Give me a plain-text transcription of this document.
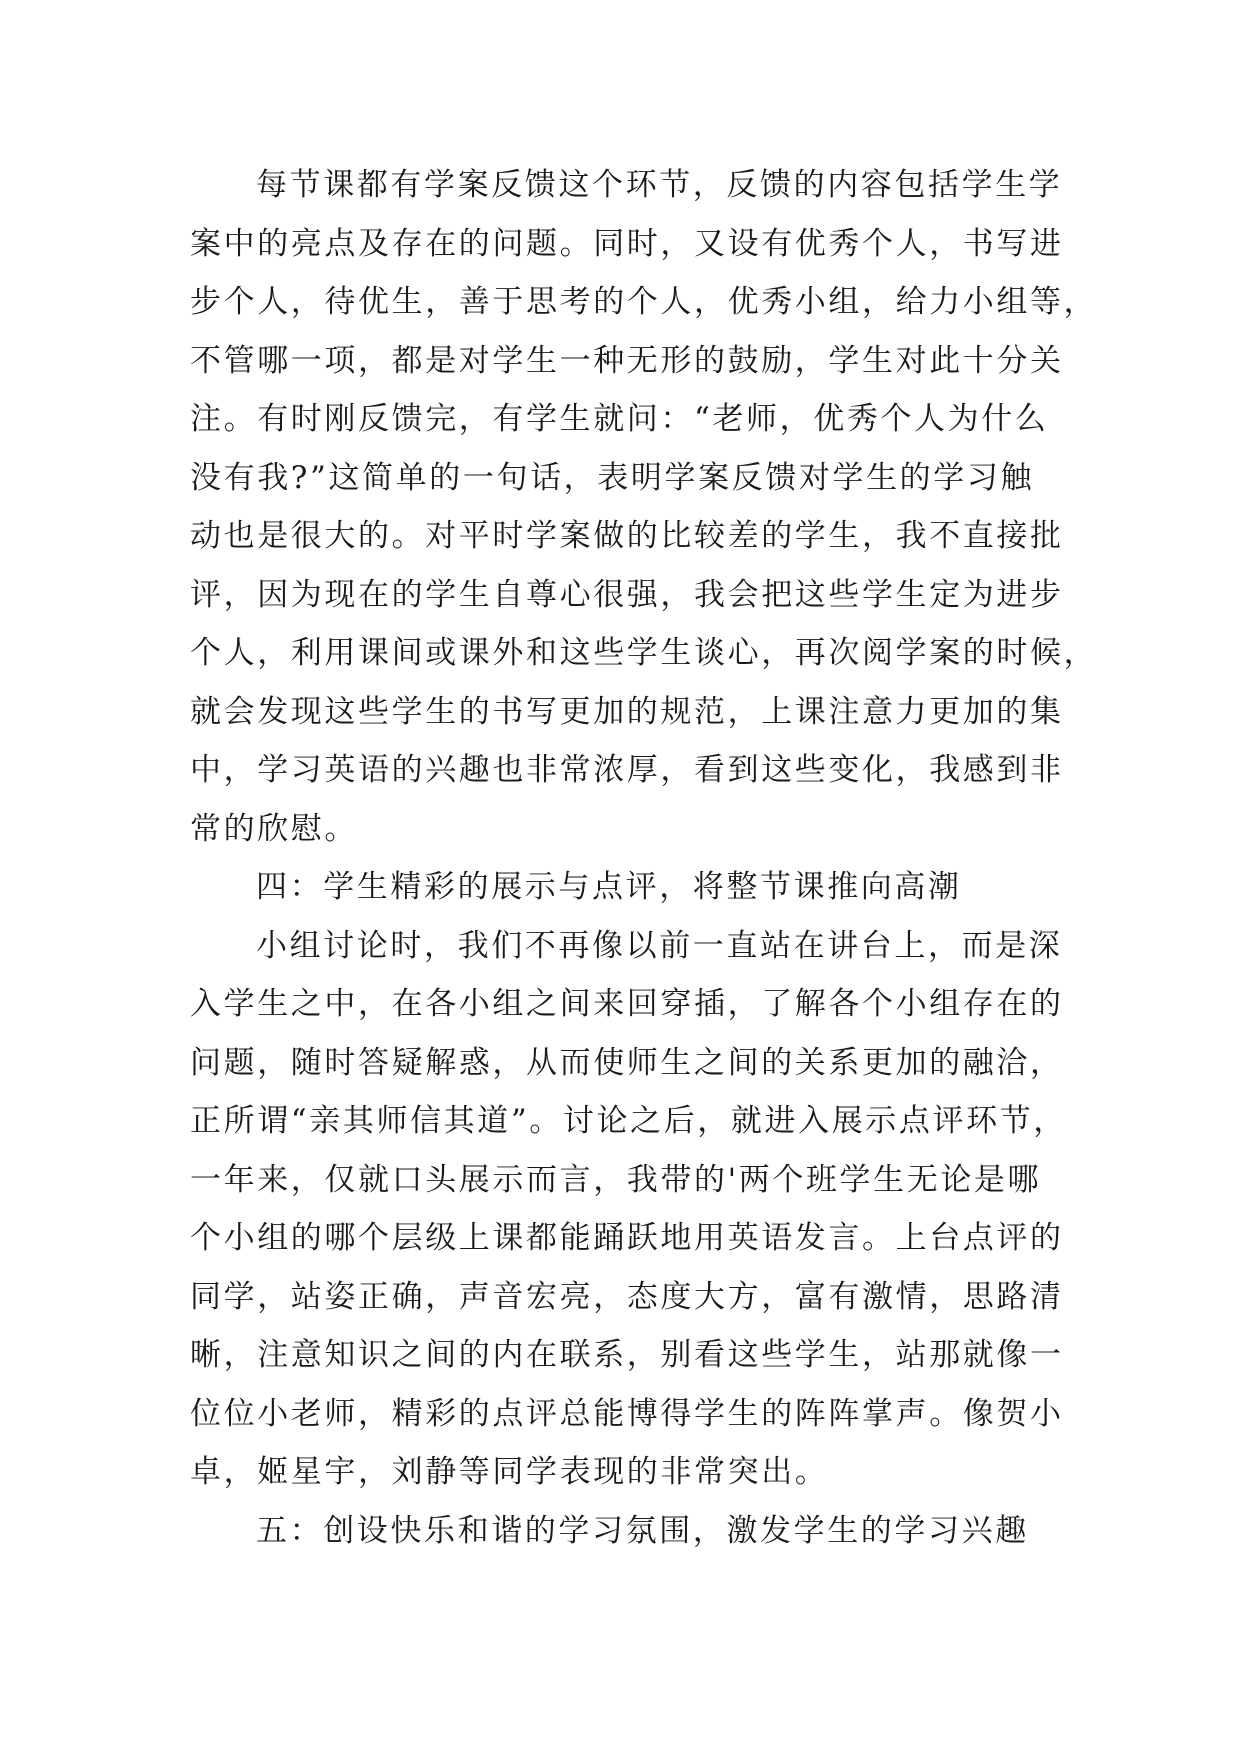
每节课都有学案反馈这个环节，反馈的内容包括学生学
案中的亮点及存在的问题。同时，又设有优秀个人，书写进
步个人，待优生，善于思考的个人，优秀小组，给力小组等，
不管哪一项，都是对学生一种无形的鼓励，学生对此十分关
注。有时刚反馈完，有学生就问：“老师，优秀个人为什么
没有我?”这简单的一句话，表明学案反馈对学生的学习触
动也是很大的。对平时学案做的比较差的学生，我不直接批
评，因为现在的学生自尊心很强，我会把这些学生定为进步
个人，利用课间或课外和这些学生谈心，再次阅学案的时候，
就会发现这些学生的书写更加的规范，上课注意力更加的集
中，学习英语的兴趣也非常浓厚，看到这些变化，我感到非
常的欣慰。
四：学生精彩的展示与点评，将整节课推向高潮
小组讨论时，我们不再像以前一直站在讲台上，而是深
入学生之中，在各小组之间来回穿插，了解各个小组存在的
问题，随时答疑解惑，从而使师生之间的关系更加的融洽，
正所谓“亲其师信其道”。讨论之后，就进入展示点评环节，
一年来，仅就口头展示而言，我带的'两个班学生无论是哪
个小组的哪个层级上课都能踊跃地用英语发言。上台点评的
同学，站姿正确，声音宏亮，态度大方，富有激情，思路清
晰，注意知识之间的内在联系，别看这些学生，站那就像一
位位小老师，精彩的点评总能博得学生的阵阵掌声。像贺小
卓，姬星宇，刘静等同学表现的非常突出。
五：创设快乐和谐的学习氛围，激发学生的学习兴趣
